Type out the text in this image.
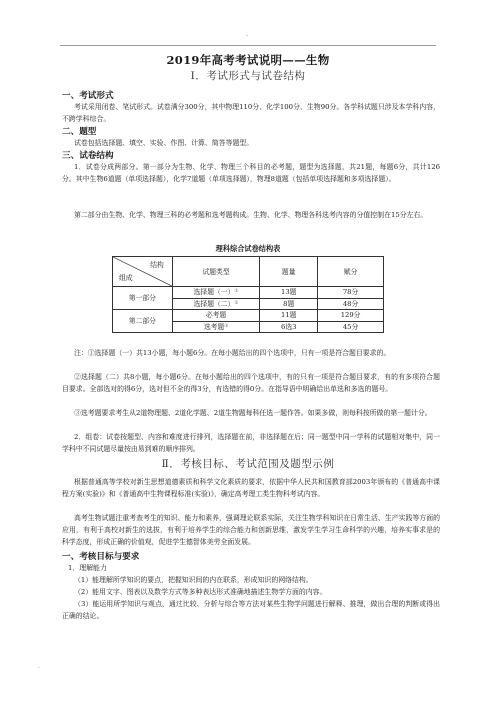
-
2019年高考考试说明——生物
Ⅰ．考试形式与试卷结构
一、考试形式
考试采用闭卷、笔试形式。试卷满分300分，其中物理110分、化学100分、生物90分。各学科试题只涉及本学科内容，不跨学科综合。
二、题型
试卷包括选择题、填空、实验、作图、计算、简答等题型。
三、试卷结构
1．试卷分成两部分。第一部分为生物、化学、物理三个科目的必考题，题型为选择题，共21题，每题6分，共计126分。其中生物6道题（单项选择题），化学7道题（单项选择题），物理8道题（包括单项选择题和多项选择题）。
第二部分由生物、化学、物理三科的必考题和选考题构成。生物、化学、物理各科选考内容的分值控制在15分左右。
理科综合试卷结构表
结构
组成	试题类型	题量	赋分
第一部分	选择题（一）①	13题	78分
	选择题（二）②	8题	48分
第二部分	必考题	11题	129分
	选考题③	6选3	45分
注：①选择题（一）共13小题，每小题6分。在每小题给出的四个选项中，只有一项是符合题目要求的。
②选择题（二）共8小题，每小题6分。在每小题给出的四个选项中，有的只有一项是符合题目要求，有的有多项符合题目要求。全部选对的得6分，选对但不全的得3分，有选错的得0分。在指导语中明确给出单选和多选的题号。
③选考题要求考生从2道物理题、2道化学题、2道生物题每科任选一题作答。如果多做，则每科按所做的第一题计分。
2．组卷：试卷按题型、内容和难度进行排列，选择题在前，非选择题在后；同一题型中同一学科的试题相对集中，同一学科中不同试题尽量按由易到难的顺序排列。
Ⅱ．考核目标、考试范围及题型示例
根据普通高等学校对新生思想道德素质和科学文化素质的要求，依据中华人民共和国教育部2003年颁布的《普通高中课程方案(实验)》和《普通高中生物课程标准(实验)》，确定高考理工类生物科考试内容。
高考生物试题注重考查考生的知识、能力和素养，强调理论联系实际，关注生物学科知识在日常生活、生产实践等方面的应用，有利于高校对新生的选拔，有利于培养学生的综合能力和创新思维，激发学生学习生命科学的兴趣，培养实事求是的科学态度，形成正确的价值观，促进学生德智体美劳全面发展。
一、考核目标与要求
1．理解能力
（1）能理解所学知识的要点，把握知识间的内在联系，形成知识的网络结构。
（2）能用文字、图表以及数学方式等多种表达形式准确地描述生物学方面的内容。
（3）能运用所学知识与观点，通过比较、分析与综合等方法对某些生物学问题进行解释、推理，做出合理的判断或得出正确的结论。
.
